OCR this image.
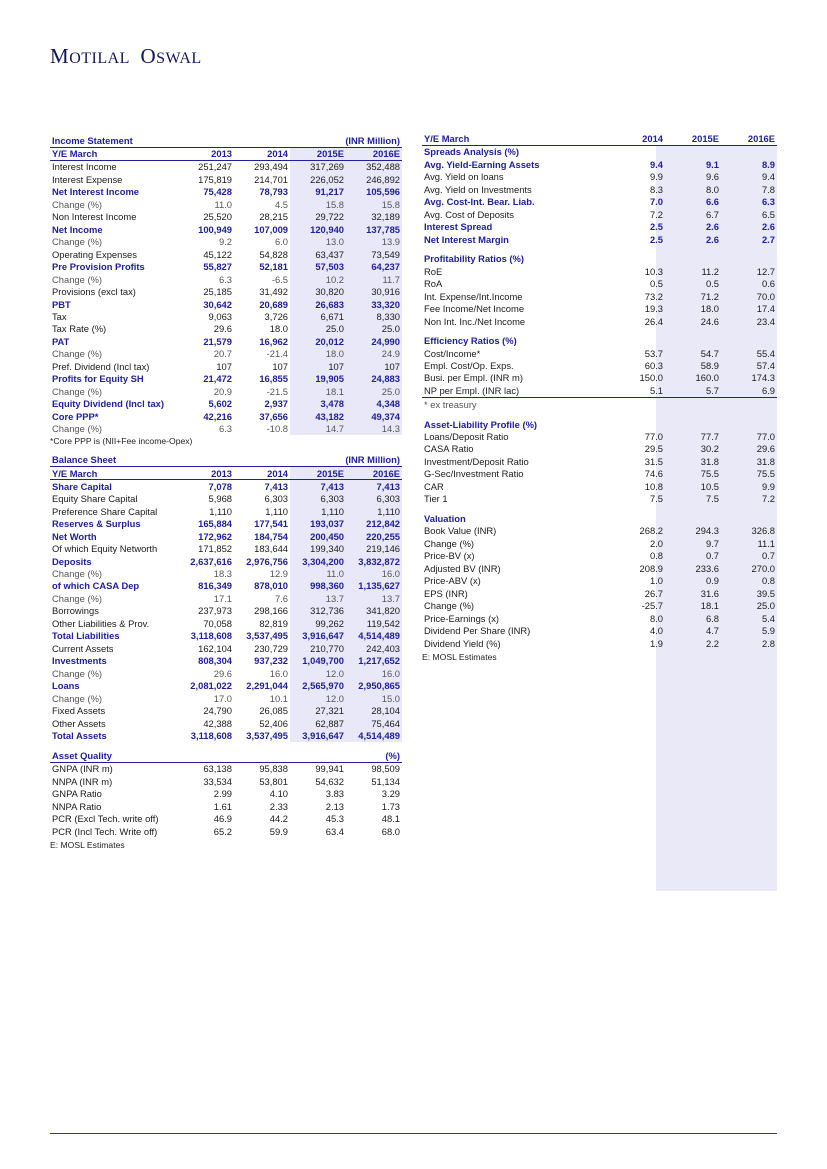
MOTILAL OSWAL
Income Statement	(INR Million)			
Y/E March	2013	2014	2015E	2016E
Interest Income	251,247	293,494	317,269	352,488
Interest Expense	175,819	214,701	226,052	246,892
Net Interest Income	75,428	78,793	91,217	105,596
Change (%)	11.0	4.5	15.8	15.8
Non Interest Income	25,520	28,215	29,722	32,189
Net Income	100,949	107,009	120,940	137,785
Change (%)	9.2	6.0	13.0	13.9
Operating Expenses	45,122	54,828	63,437	73,549
Pre Provision Profits	55,827	52,181	57,503	64,237
Change (%)	6.3	-6.5	10.2	11.7
Provisions (excl tax)	25,185	31,492	30,820	30,916
PBT	30,642	20,689	26,683	33,320
Tax	9,063	3,726	6,671	8,330
Tax Rate (%)	29.6	18.0	25.0	25.0
PAT	21,579	16,962	20,012	24,990
Change (%)	20.7	-21.4	18.0	24.9
Pref. Dividend (Incl tax)	107	107	107	107
Profits for Equity SH	21,472	16,855	19,905	24,883
Change (%)	20.9	-21.5	18.1	25.0
Equity Dividend (Incl tax)	5,602	2,937	3,478	4,348
Core PPP*	42,216	37,656	43,182	49,374
Change (%)	6.3	-10.8	14.7	14.3
*Core PPP is (NII+Fee income-Opex)
Balance Sheet	(INR Million)			
Y/E March	2013	2014	2015E	2016E
Share Capital	7,078	7,413	7,413	7,413
Equity Share Capital	5,968	6,303	6,303	6,303
Preference Share Capital	1,110	1,110	1,110	1,110
Reserves & Surplus	165,884	177,541	193,037	212,842
Net Worth	172,962	184,754	200,450	220,255
Of which Equity Networth	171,852	183,644	199,340	219,146
Deposits	2,637,616	2,976,756	3,304,200	3,832,872
Change (%)	18.3	12.9	11.0	16.0
of which CASA Dep	816,349	878,010	998,360	1,135,627
Change (%)	17.1	7.6	13.7	13.7
Borrowings	237,973	298,166	312,736	341,820
Other Liabilities & Prov.	70,058	82,819	99,262	119,542
Total Liabilities	3,118,608	3,537,495	3,916,647	4,514,489
Current Assets	162,104	230,729	210,770	242,403
Investments	808,304	937,232	1,049,700	1,217,652
Change (%)	29.6	16.0	12.0	16.0
Loans	2,081,022	2,291,044	2,565,970	2,950,865
Change (%)	17.0	10.1	12.0	15.0
Fixed Assets	24,790	26,085	27,321	28,104
Other Assets	42,388	52,406	62,887	75,464
Total Assets	3,118,608	3,537,495	3,916,647	4,514,489
Asset Quality	(%)			
GNPA (INR m)	63,138	95,838	99,941	98,509
NNPA (INR m)	33,534	53,801	54,632	51,134
GNPA Ratio	2.99	4.10	3.83	3.29
NNPA Ratio	1.61	2.33	2.13	1.73
PCR (Excl Tech. write off)	46.9	44.2	45.3	48.1
PCR (Incl Tech. Write off)	65.2	59.9	63.4	68.0
E: MOSL Estimates
Y/E March	2014	2015E	2016E
Spreads Analysis (%)			
Avg. Yield-Earning Assets	9.4	9.1	8.9
Avg. Yield on loans	9.9	9.6	9.4
Avg. Yield on Investments	8.3	8.0	7.8
Avg. Cost-Int. Bear. Liab.	7.0	6.6	6.3
Avg. Cost of Deposits	7.2	6.7	6.5
Interest Spread	2.5	2.6	2.6
Net Interest Margin	2.5	2.6	2.7

Profitability Ratios (%)			
RoE	10.3	11.2	12.7
RoA	0.5	0.5	0.6
Int. Expense/Int.Income	73.2	71.2	70.0
Fee Income/Net Income	19.3	18.0	17.4
Non Int. Inc./Net Income	26.4	24.6	23.4

Efficiency Ratios (%)			
Cost/Income*	53.7	54.7	55.4
Empl. Cost/Op. Exps.	60.3	58.9	57.4
Busi. per Empl. (INR m)	150.0	160.0	174.3
NP per Empl. (INR lac)	5.1	5.7	6.9
* ex treasury			

Asset-Liability Profile (%)			
Loans/Deposit Ratio	77.0	77.7	77.0
CASA Ratio	29.5	30.2	29.6
Investment/Deposit Ratio	31.5	31.8	31.8
G-Sec/Investment Ratio	74.6	75.5	75.5
CAR	10.8	10.5	9.9
Tier 1	7.5	7.5	7.2

Valuation			
Book Value (INR)	268.2	294.3	326.8
Change (%)	2.0	9.7	11.1
Price-BV (x)	0.8	0.7	0.7
Adjusted BV (INR)	208.9	233.6	270.0
Price-ABV (x)	1.0	0.9	0.8
EPS (INR)	26.7	31.6	39.5
Change (%)	-25.7	18.1	25.0
Price-Earnings (x)	8.0	6.8	5.4
Dividend Per Share (INR)	4.0	4.7	5.9
Dividend Yield (%)	1.9	2.2	2.8
E: MOSL Estimates
